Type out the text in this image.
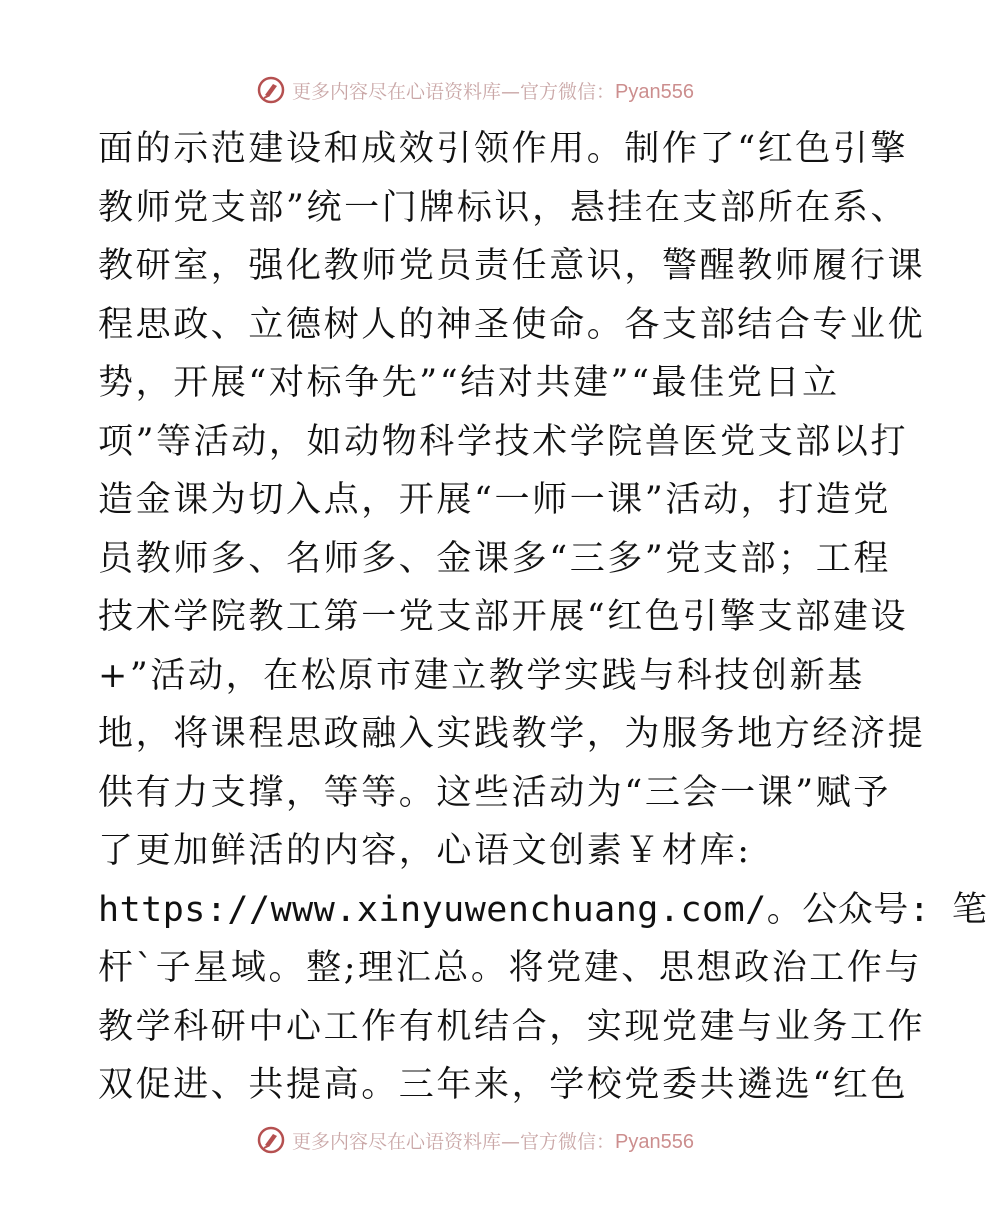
更多内容尽在心语资料库—官方微信：Pyan556
面的示范建设和成效引领作用。制作了“红色引擎
教师党支部”统一门牌标识，悬挂在支部所在系、
教研室，强化教师党员责任意识，警醒教师履行课
程思政、立德树人的神圣使命。各支部结合专业优
势，开展“对标争先”“结对共建”“最佳党日立
项”等活动，如动物科学技术学院兽医党支部以打
造金课为切入点，开展“一师一课”活动，打造党
员教师多、名师多、金课多“三多”党支部；工程
技术学院教工第一党支部开展“红色引擎支部建设
+”活动，在松原市建立教学实践与科技创新基
地，将课程思政融入实践教学，为服务地方经济提
供有力支撑，等等。这些活动为“三会一课”赋予
了更加鲜活的内容，心语文创素￥材库:
https://www.xinyuwenchuang.com/。公众号: 笔
杆`子星域。整;理汇总。将党建、思想政治工作与
教学科研中心工作有机结合，实现党建与业务工作
双促进、共提高。三年来，学校党委共遴选“红色
更多内容尽在心语资料库—官方微信：Pyan556
